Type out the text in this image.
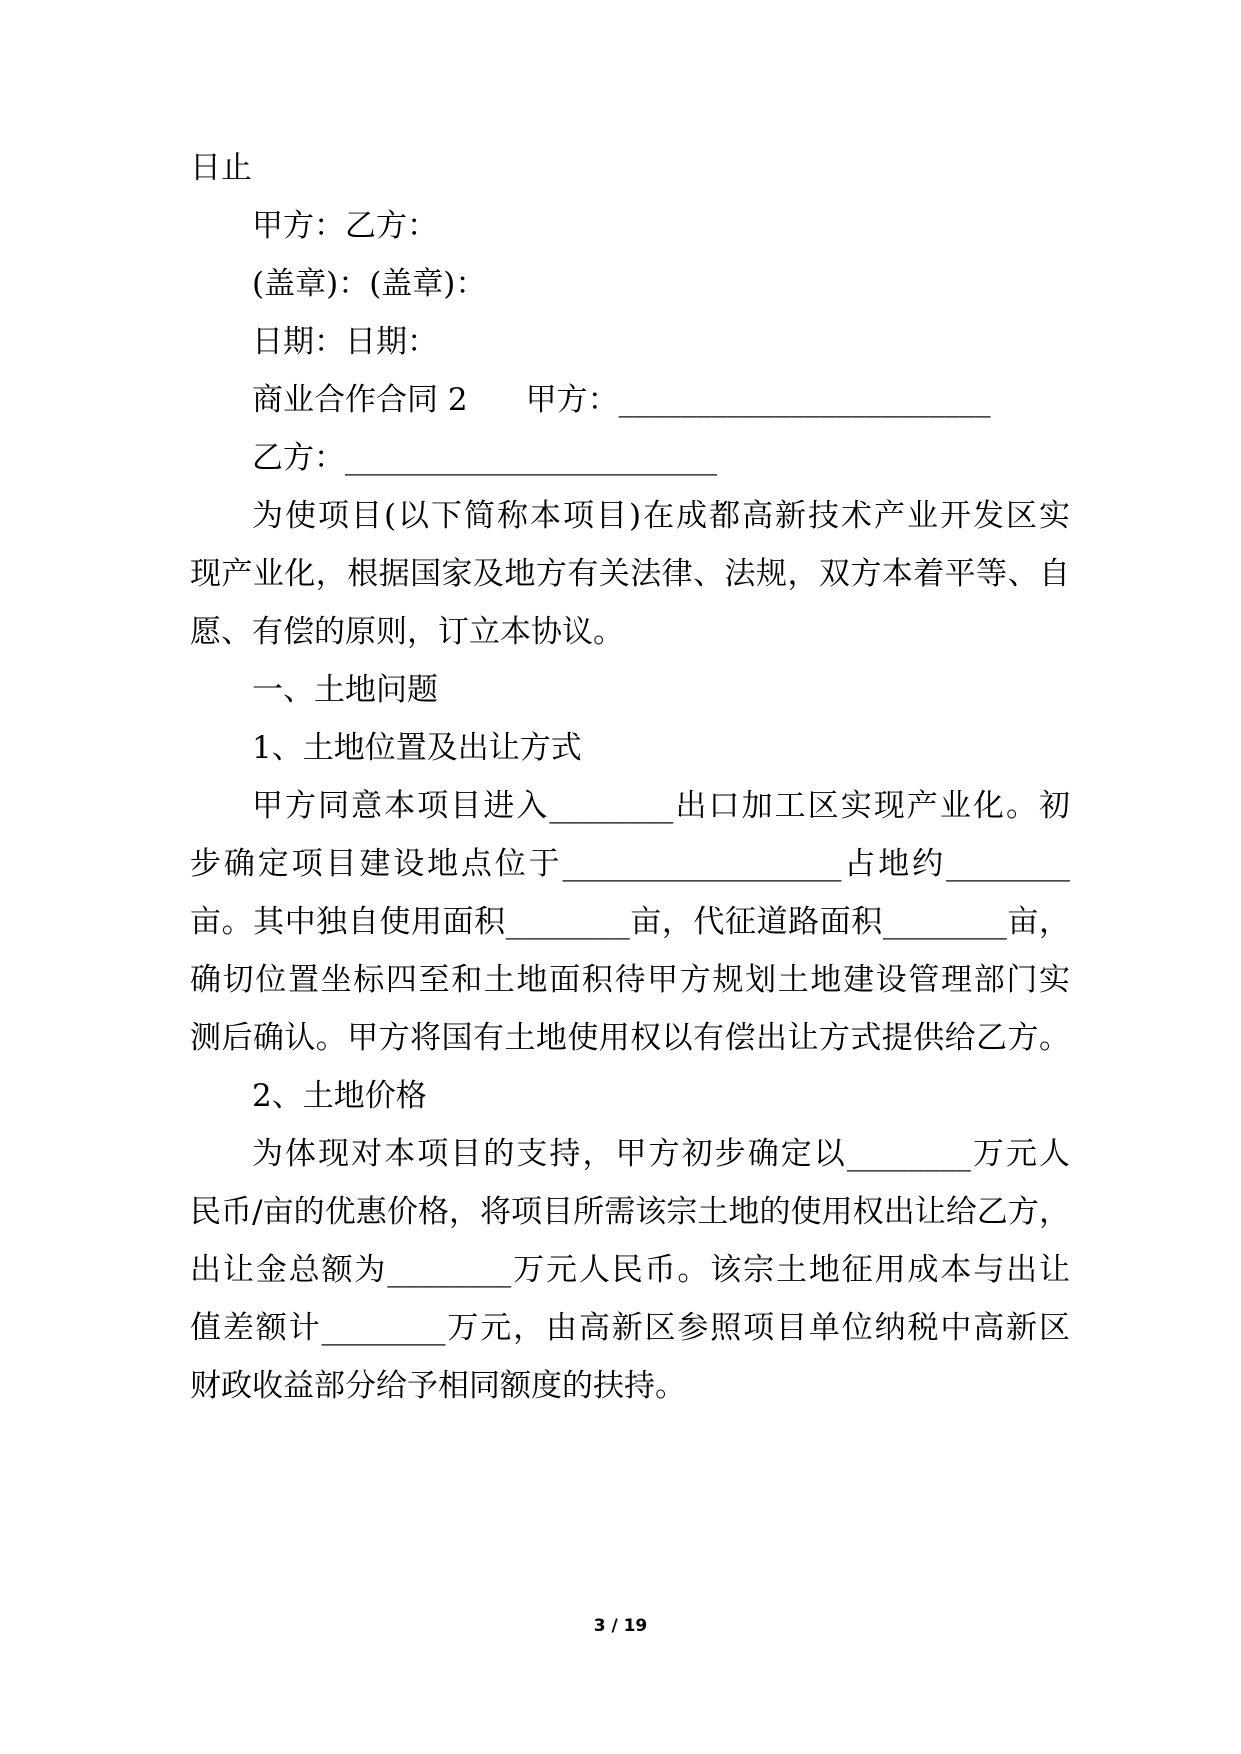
日止
甲方：乙方：
(盖章)：(盖章)：
日期：日期：
商业合作合同 2 甲方：________________________
乙方：________________________
为使项目(以下简称本项目)在成都高新技术产业开发区实
现产业化，根据国家及地方有关法律、法规，双方本着平等、自
愿、有偿的原则，订立本协议。
一、土地问题
1、土地位置及出让方式
甲方同意本项目进入________出口加工区实现产业化。初
步确定项目建设地点位于__________________占地约________
亩。其中独自使用面积________亩，代征道路面积________亩，
确切位置坐标四至和土地面积待甲方规划土地建设管理部门实
测后确认。甲方将国有土地使用权以有偿出让方式提供给乙方。
2、土地价格
为体现对本项目的支持，甲方初步确定以________万元人
民币/亩的优惠价格，将项目所需该宗土地的使用权出让给乙方，
出让金总额为________万元人民币。该宗土地征用成本与出让
值差额计________万元，由高新区参照项目单位纳税中高新区
财政收益部分给予相同额度的扶持。
3 / 19
